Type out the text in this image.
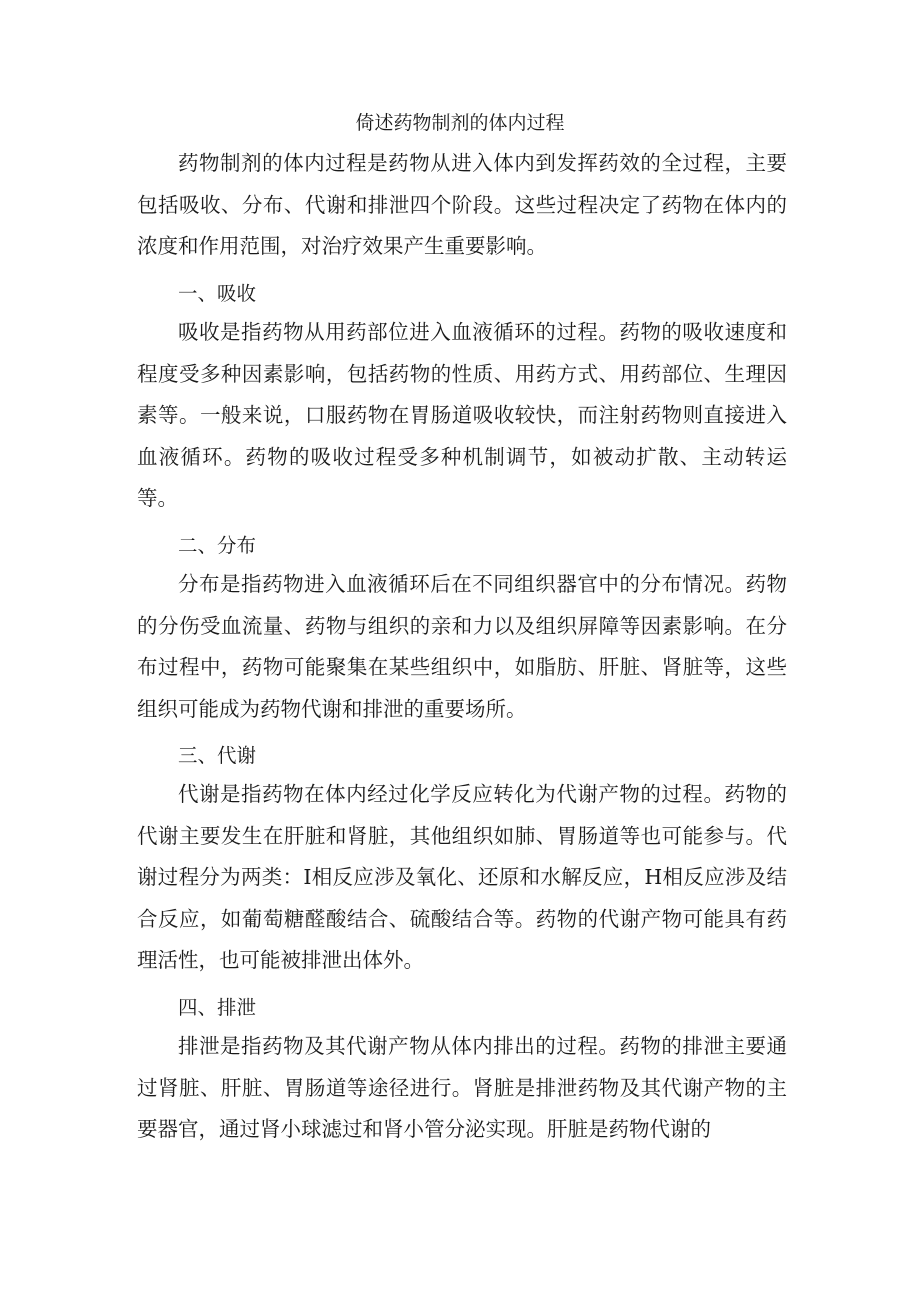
倚述药物制剂的体内过程

药物制剂的体内过程是药物从进入体内到发挥药效的全过程，主要包括吸收、分布、代谢和排泄四个阶段。这些过程决定了药物在体内的浓度和作用范围，对治疗效果产生重要影响。

一、吸收

吸收是指药物从用药部位进入血液循环的过程。药物的吸收速度和程度受多种因素影响，包括药物的性质、用药方式、用药部位、生理因素等。一般来说，口服药物在胃肠道吸收较快，而注射药物则直接进入血液循环。药物的吸收过程受多种机制调节，如被动扩散、主动转运等。

二、分布

分布是指药物进入血液循环后在不同组织器官中的分布情况。药物的分伤受血流量、药物与组织的亲和力以及组织屏障等因素影响。在分布过程中，药物可能聚集在某些组织中，如脂肪、肝脏、肾脏等，这些组织可能成为药物代谢和排泄的重要场所。

三、代谢

代谢是指药物在体内经过化学反应转化为代谢产物的过程。药物的代谢主要发生在肝脏和肾脏，其他组织如肺、胃肠道等也可能参与。代谢过程分为两类：I相反应涉及氧化、还原和水解反应，H相反应涉及结合反应，如葡萄糖醛酸结合、硫酸结合等。药物的代谢产物可能具有药理活性，也可能被排泄出体外。

四、排泄

排泄是指药物及其代谢产物从体内排出的过程。药物的排泄主要通过肾脏、肝脏、胃肠道等途径进行。肾脏是排泄药物及其代谢产物的主要器官，通过肾小球滤过和肾小管分泌实现。肝脏是药物代谢的
